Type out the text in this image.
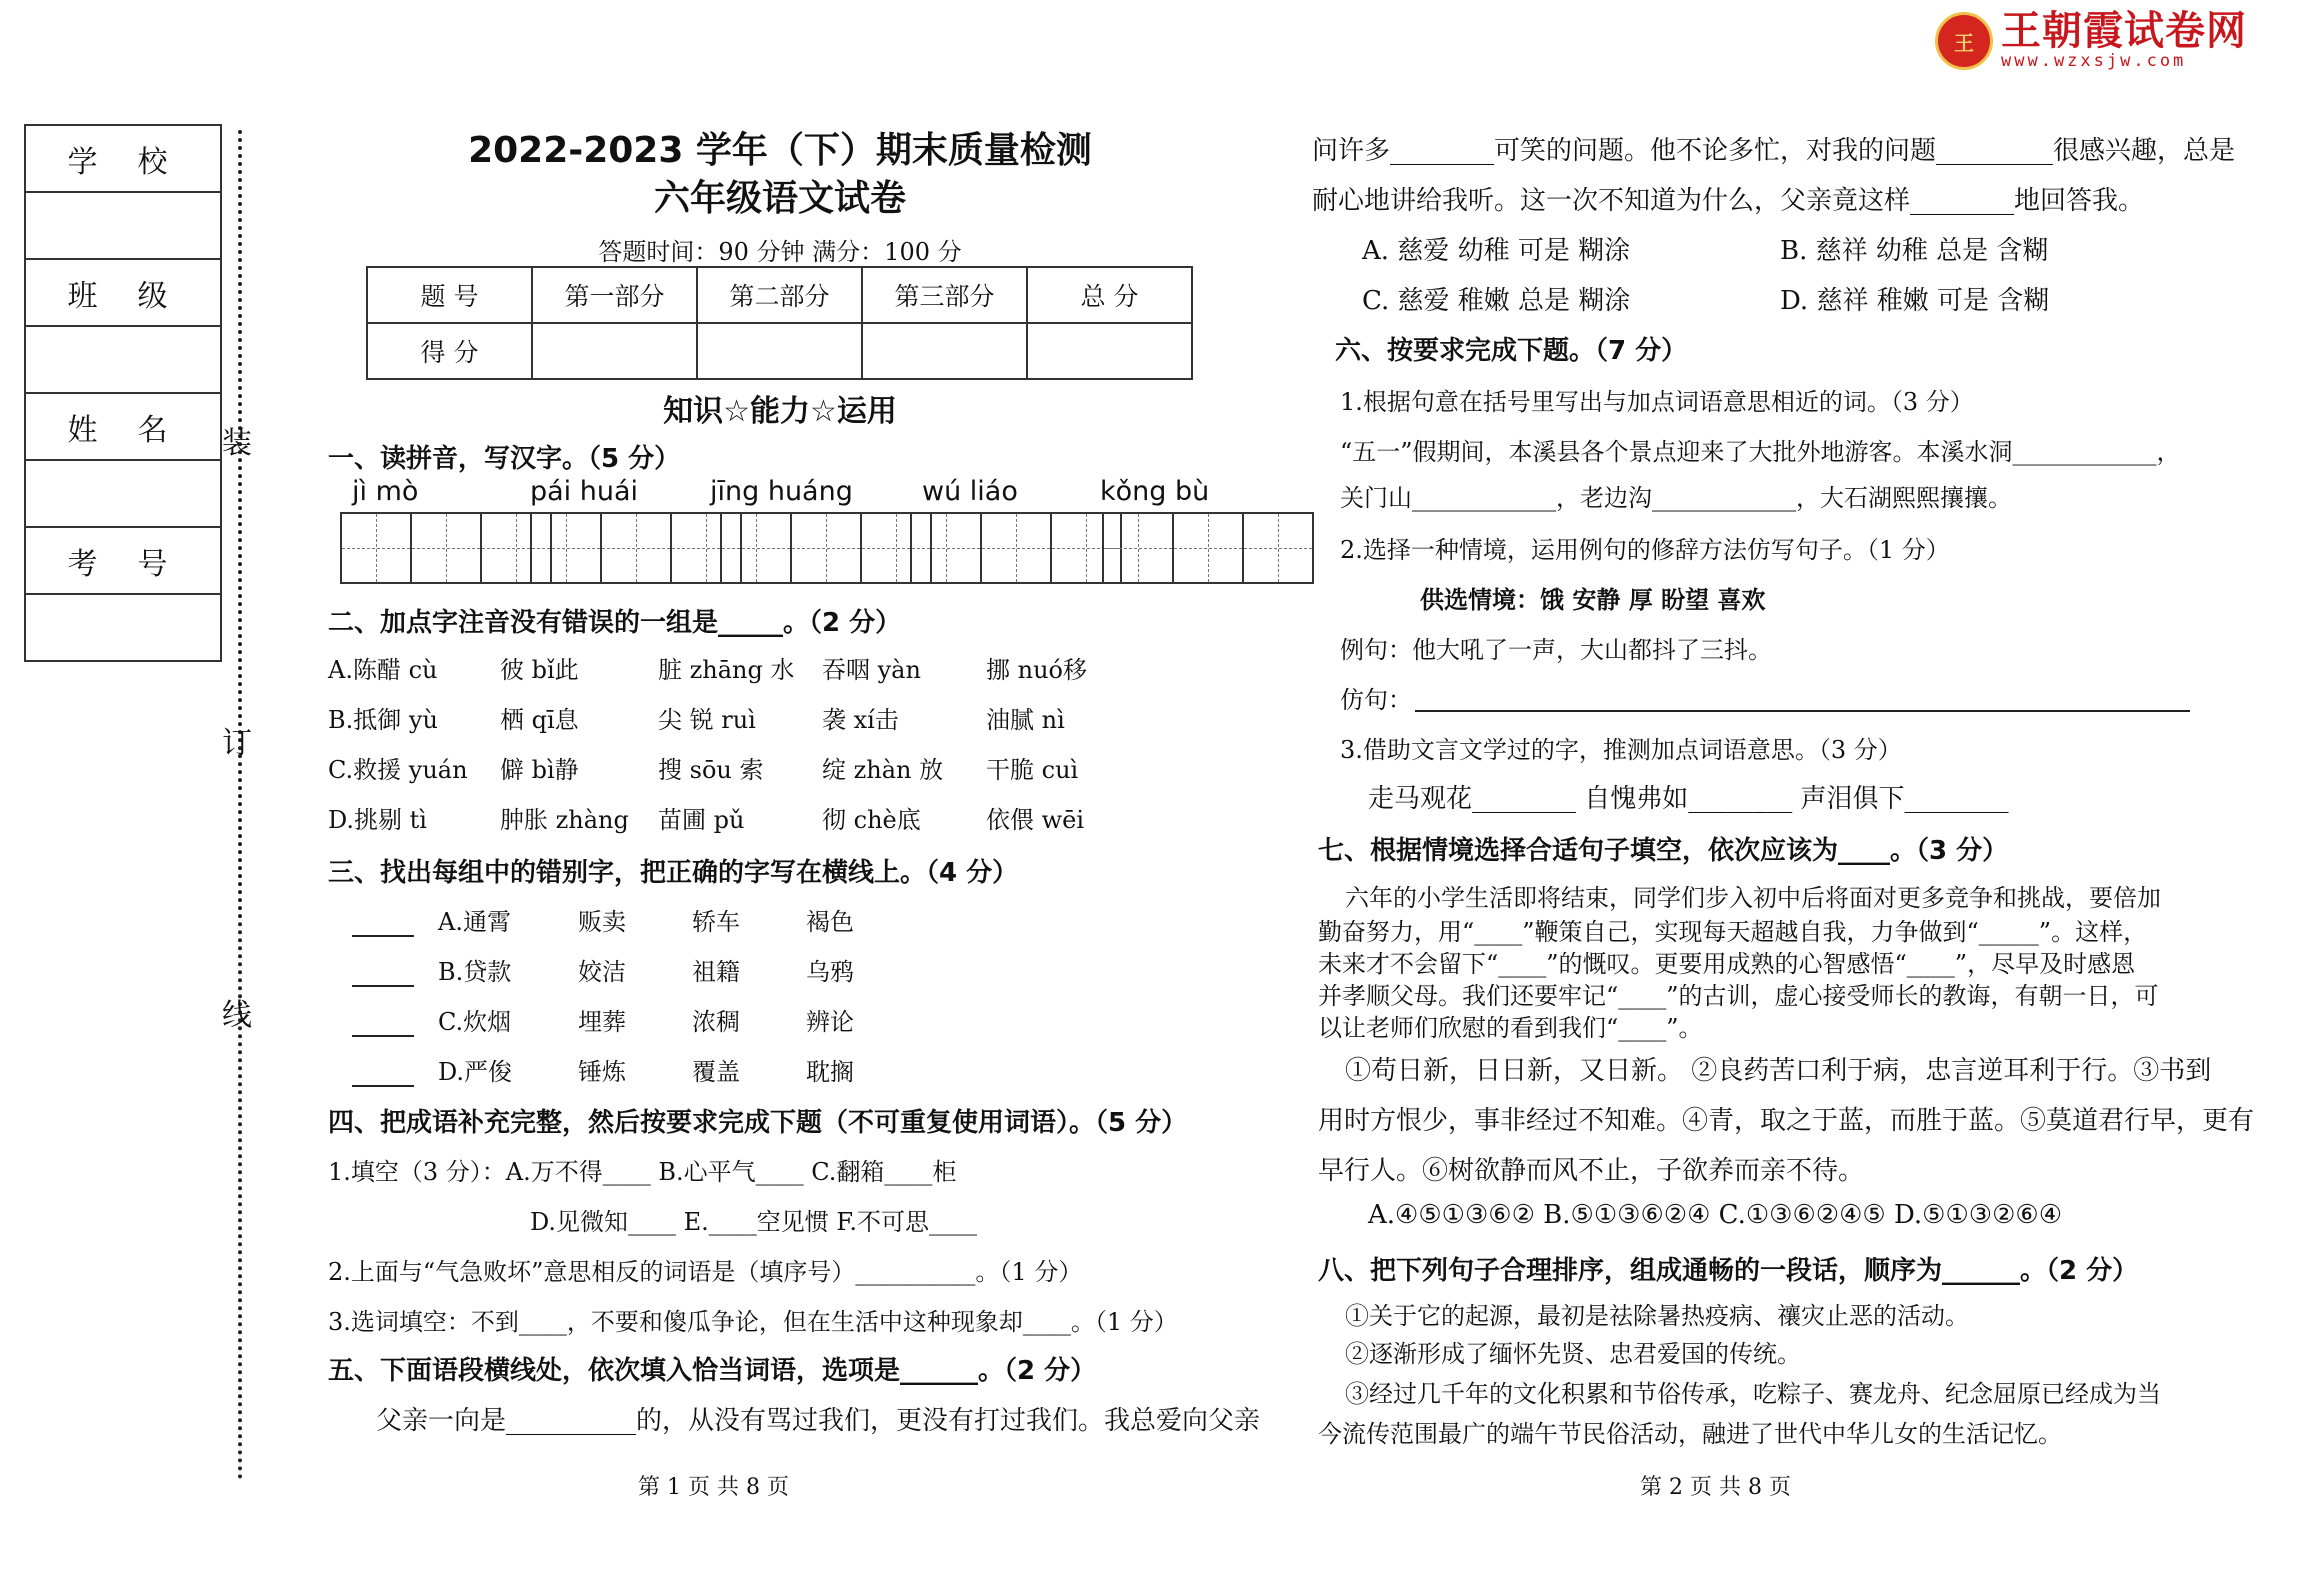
王 王朝霞试卷网
www.wzxsjw.com
学校

班级

姓名

考号

装
订
线
2022-2023 学年（下）期末质量检测
六年级语文试卷
答题时间：90 分钟 满分：100 分
题 号	第一部分	第二部分	第三部分	总 分
得 分				
知识☆能力☆运用
一、读拼音，写汉字。（5 分）
jì mò	pái huái	jīng huáng	wú liáo	kǒng bù
二、加点字注音没有错误的一组是_____。（2 分）
A.陈醋 cù	彼 bǐ此	脏 zhāng 水	吞咽 yàn	挪 nuó移
B.抵御 yù	栖 qī息	尖 锐 ruì	袭 xí击	油腻 nì
C.救援 yuán	僻 bì静	搜 sōu 索	绽 zhàn 放	干脆 cuì
D.挑剔 tì	肿胀 zhàng	苗圃 pǔ	彻 chè底	依偎 wēi
三、找出每组中的错别字，把正确的字写在横线上。（4 分）
A.通霄	贩卖	轿车	褐色
B.贷款	姣洁	祖籍	乌鸦
C.炊烟	埋葬	浓稠	辨论
D.严俊	锤炼	覆盖	耽搁
四、把成语补充完整，然后按要求完成下题（不可重复使用词语）。（5 分）
1.填空（3 分）：A.万不得____ B.心平气____ C.翻箱____柜
D.见微知____ E.____空见惯 F.不可思____
2.上面与“气急败坏”意思相反的词语是（填序号）__________。（1 分）
3.选词填空：不到____，不要和傻瓜争论，但在生活中这种现象却____。（1 分）
五、下面语段横线处，依次填入恰当词语，选项是______。（2 分）
父亲一向是__________的，从没有骂过我们，更没有打过我们。我总爱向父亲
问许多________可笑的问题。他不论多忙，对我的问题_________很感兴趣，总是
耐心地讲给我听。这一次不知道为什么，父亲竟这样________地回答我。
A. 慈爱 幼稚 可是 糊涂	B. 慈祥 幼稚 总是 含糊
C. 慈爱 稚嫩 总是 糊涂	D. 慈祥 稚嫩 可是 含糊
六、按要求完成下题。（7 分）
1.根据句意在括号里写出与加点词语意思相近的词。（3 分）
“五一”假期间，本溪县各个景点迎来了大批外地游客。本溪水洞____________，
关门山____________，老边沟____________，大石湖熙熙攘攘。
2.选择一种情境，运用例句的修辞方法仿写句子。（1 分）
供选情境：饿 安静 厚 盼望 喜欢
例句：他大吼了一声，大山都抖了三抖。
仿句：
3.借助文言文学过的字，推测加点词语意思。（3 分）
走马观花________ 自愧弗如________ 声泪俱下________
七、根据情境选择合适句子填空，依次应该为____。（3 分）
六年的小学生活即将结束，同学们步入初中后将面对更多竞争和挑战，要倍加
勤奋努力，用“____”鞭策自己，实现每天超越自我，力争做到“_____”。这样，
未来才不会留下“____”的慨叹。更要用成熟的心智感悟“____”，尽早及时感恩
并孝顺父母。我们还要牢记“____”的古训，虚心接受师长的教诲，有朝一日，可
以让老师们欣慰的看到我们“____”。
①苟日新，日日新，又日新。 ②良药苦口利于病，忠言逆耳利于行。③书到
用时方恨少，事非经过不知难。④青，取之于蓝，而胜于蓝。⑤莫道君行早，更有
早行人。⑥树欲静而风不止，子欲养而亲不待。
A.④⑤①③⑥② B.⑤①③⑥②④ C.①③⑥②④⑤ D.⑤①③②⑥④
八、把下列句子合理排序，组成通畅的一段话，顺序为______。（2 分）
①关于它的起源，最初是祛除暑热疫病、禳灾止恶的活动。
②逐渐形成了缅怀先贤、忠君爱国的传统。
③经过几千年的文化积累和节俗传承，吃粽子、赛龙舟、纪念屈原已经成为当
今流传范围最广的端午节民俗活动，融进了世代中华儿女的生活记忆。
第 1 页 共 8 页	第 2 页 共 8 页
